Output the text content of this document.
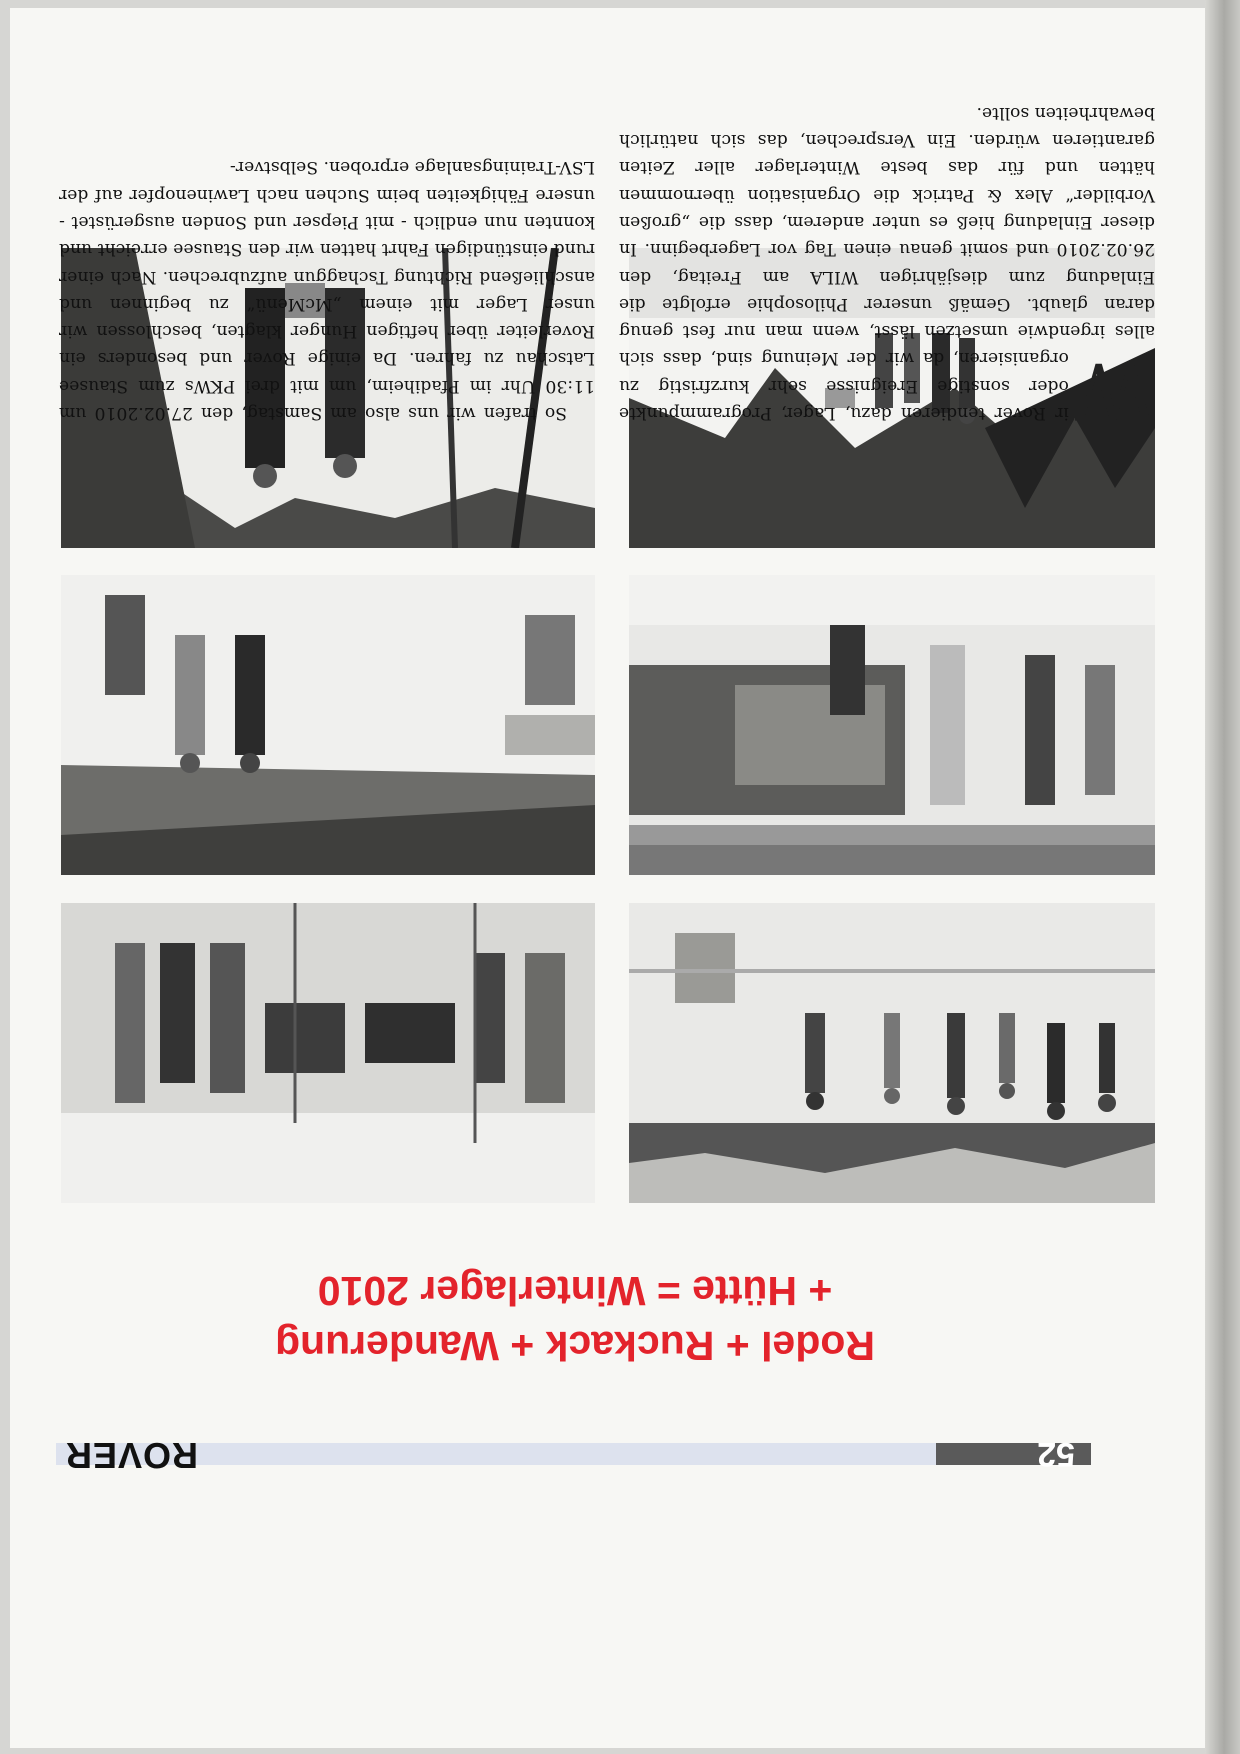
52
ROVER
Rodel + Ruckack + Wanderung
+ Hütte = Winterlager 2010

W
ir Rover tendieren dazu, Lager, Programmpunkte oder sonstige Ereignisse sehr kurzfristig zu organisieren, da wir der Meinung sind, dass sich alles irgendwie umsetzen lässt, wenn man nur fest genug daran glaubt. Gemäß unserer Philosophie erfolgte die Einladung zum diesjährigen WILA am Freitag, den 26.02.2010 und somit genau einen Tag vor Lagerbeginn. In dieser Einladung hieß es unter anderem, dass die „großen Vorbilder“ Alex & Patrick die Organisation übernommen hätten und für das beste Winterlager aller Zeiten garantieren würden. Ein Versprechen, das sich natürlich bewahrheiten sollte.

So trafen wir uns also am Samstag, den 27.02.2010 um 11:30 Uhr im Pfadiheim, um mit drei PKWs zum Stausee Latschau zu fahren. Da einige Rover und besonders ein Roverleiter über heftigen Hunger klagten, beschlossen wir unser Lager mit einem „McMenü“ zu beginnen und anschließend Richtung Tschaggun aufzubrechen. Nach einer rund einstündigen Fahrt hatten wir den Stausee erreicht und konnten nun endlich - mit Piepser und Sonden ausgerüstet - unsere Fähigkeiten beim Suchen nach Lawinenopfer auf der LSV-Trainingsanlage erproben. Selbstver-
